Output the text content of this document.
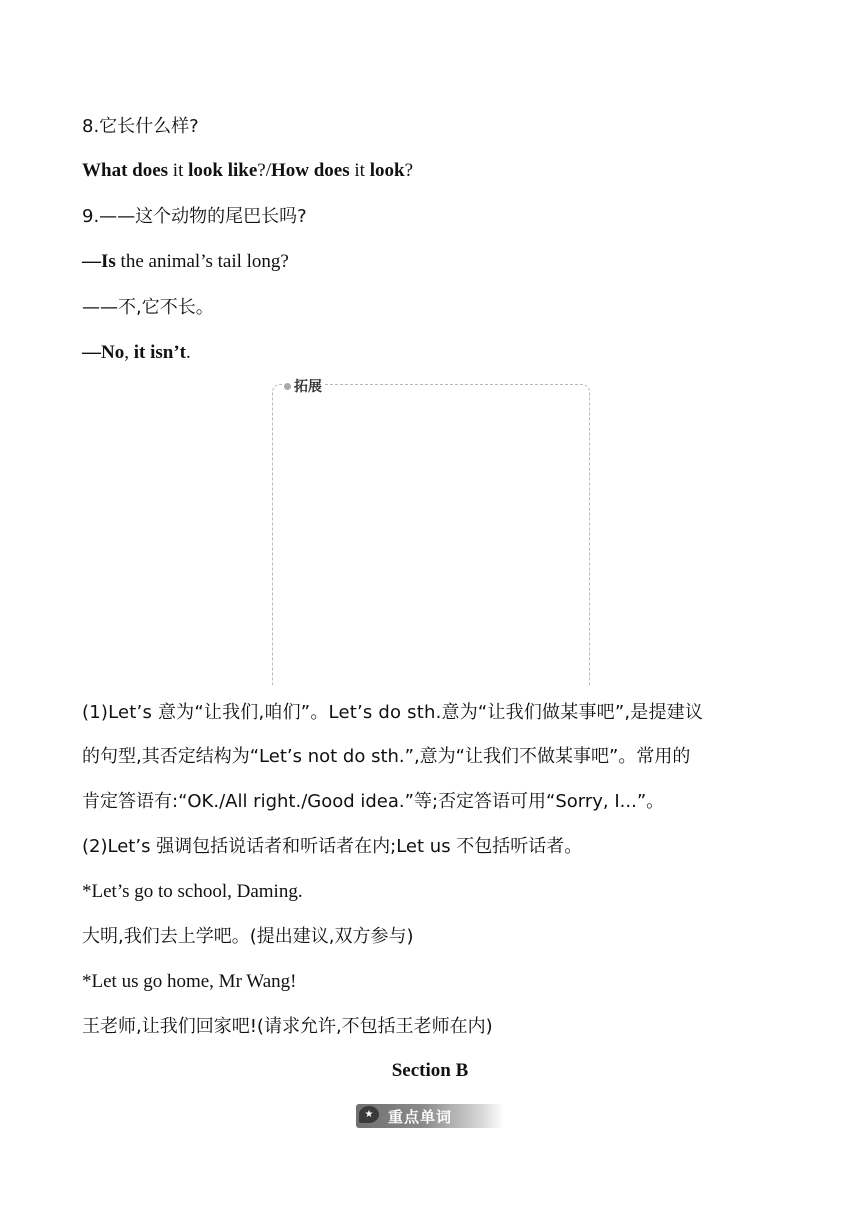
8.它长什么样?
What does it look like?/How does it look?
9.——这个动物的尾巴长吗?
—Is the animal’s tail long?
——不,它不长。
—No, it isn’t.
拓展
(1)Let’s 意为“让我们,咱们”。Let’s do sth.意为“让我们做某事吧”,是提建议
的句型,其否定结构为“Let’s not do sth.”,意为“让我们不做某事吧”。常用的
肯定答语有:“OK./All right./Good idea.”等;否定答语可用“Sorry, I...”。
(2)Let’s 强调包括说话者和听话者在内;Let us 不包括听话者。
*Let’s go to school, Daming.
大明,我们去上学吧。(提出建议,双方参与)
*Let us go home, Mr Wang!
王老师,让我们回家吧!(请求允许,不包括王老师在内)
Section B
★ 重点单词
